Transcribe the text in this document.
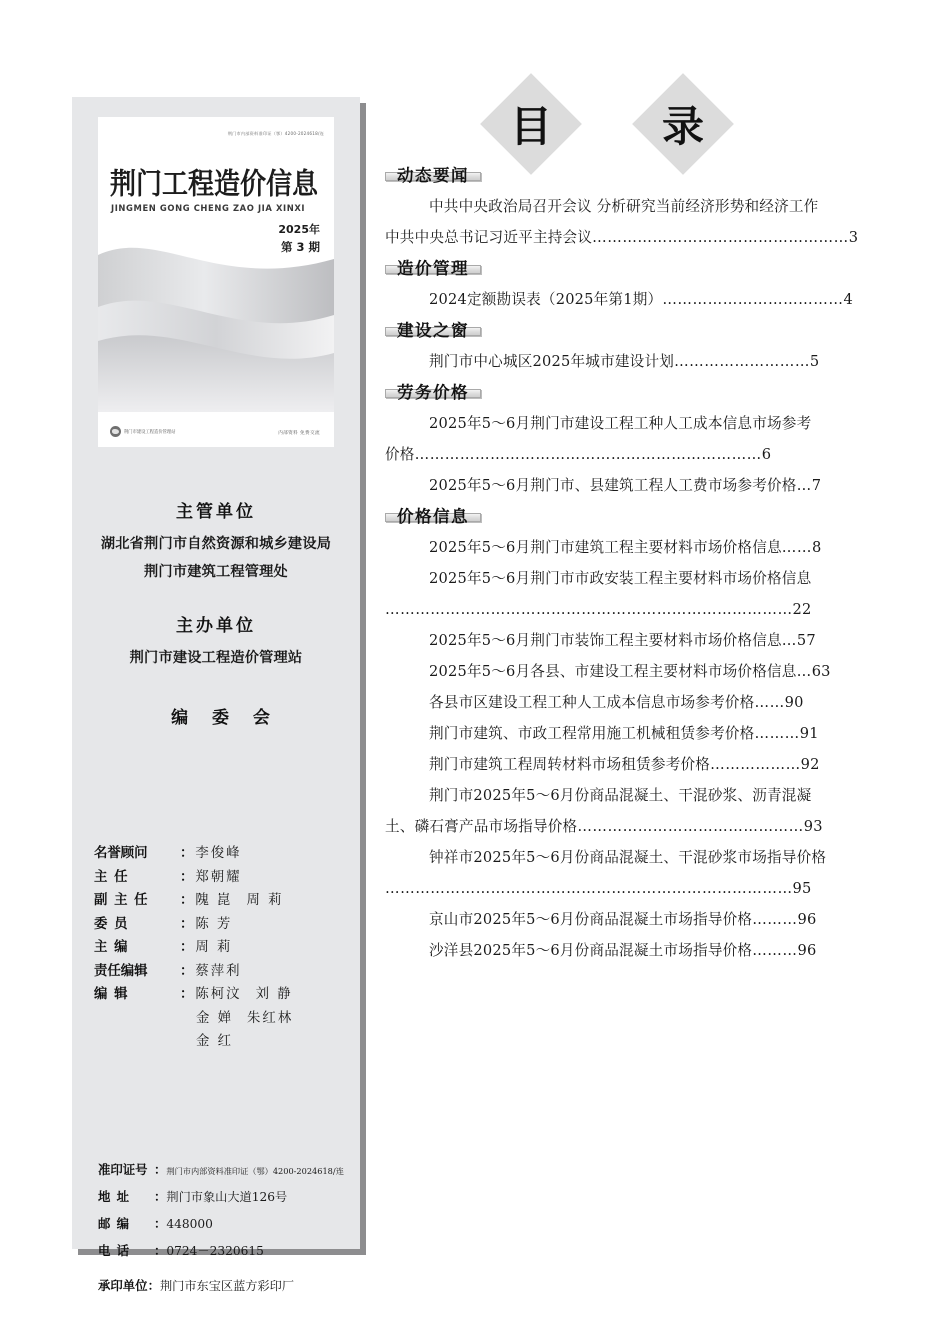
荆门市内部资料准印证（鄂）4200-2024618/连
荆门工程造价信息
JINGMEN GONG CHENG ZAO JIA XINXI
2025年
第 3 期
荆门市建设工程造价管理站	内部资料 免费交流
主管单位
湖北省荆门市自然资源和城乡建设局
荆门市建筑工程管理处
主办单位
荆门市建设工程造价管理站
编 委 会
名誉顾问	： 李俊峰
主 任	： 郑朝耀
副 主 任	： 隗 崑 周 莉
委 员	： 陈 芳
主 编	： 周 莉
责任编辑	： 蔡萍利
编 辑	： 陈柯汶 刘 静

金 婵 朱红林

金 红
准印证号 ： 荆门市内部资料准印证（鄂）4200-2024618/连
地 址	： 荆门市象山大道126号
邮 编	： 448000
电 话	： 0724－2320615
承印单位 ： 荆门市东宝区蓝方彩印厂
目	录
动态要闻
中共中央政治局召开会议 分析研究当前经济形势和经济工作
中共中央总书记习近平主持会议……………………………………………3
造价管理
2024定额勘误表（2025年第1期）………………………………4
建设之窗
荆门市中心城区2025年城市建设计划………………………5
劳务价格
2025年5～6月荆门市建设工程工种人工成本信息市场参考
价格……………………………………………………………6
2025年5～6月荆门市、县建筑工程人工费市场参考价格…7
价格信息
2025年5～6月荆门市建筑工程主要材料市场价格信息……8
2025年5～6月荆门市市政安装工程主要材料市场价格信息
………………………………………………………………………22
2025年5～6月荆门市装饰工程主要材料市场价格信息…57
2025年5～6月各县、市建设工程主要材料市场价格信息…63
各县市区建设工程工种人工成本信息市场参考价格……90
荆门市建筑、市政工程常用施工机械租赁参考价格………91
荆门市建筑工程周转材料市场租赁参考价格………………92
荆门市2025年5～6月份商品混凝土、干混砂浆、沥青混凝
土、磷石膏产品市场指导价格………………………………………93
钟祥市2025年5～6月份商品混凝土、干混砂浆市场指导价格
………………………………………………………………………95
京山市2025年5～6月份商品混凝土市场指导价格………96
沙洋县2025年5～6月份商品混凝土市场指导价格………96
